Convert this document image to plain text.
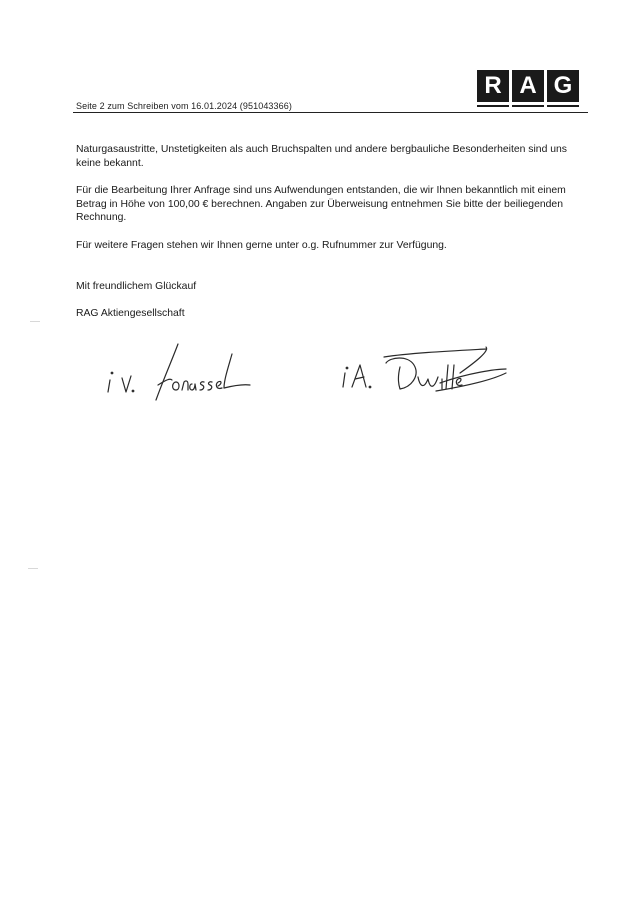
R A G
Seite 2 zum Schreiben vom 16.01.2024 (951043366)
Naturgasaustritte, Unstetigkeiten als auch Bruchspalten und andere bergbauliche Besonderheiten sind uns keine bekannt.
Für die Bearbeitung Ihrer Anfrage sind uns Aufwendungen entstanden, die wir Ihnen bekanntlich mit einem Betrag in Höhe von 100,00 € berechnen. Angaben zur Überweisung entnehmen Sie bitte der beiliegenden Rechnung.
Für weitere Fragen stehen wir Ihnen gerne unter o.g. Rufnummer zur Verfügung.
Mit freundlichem Glückauf
RAG Aktiengesellschaft
